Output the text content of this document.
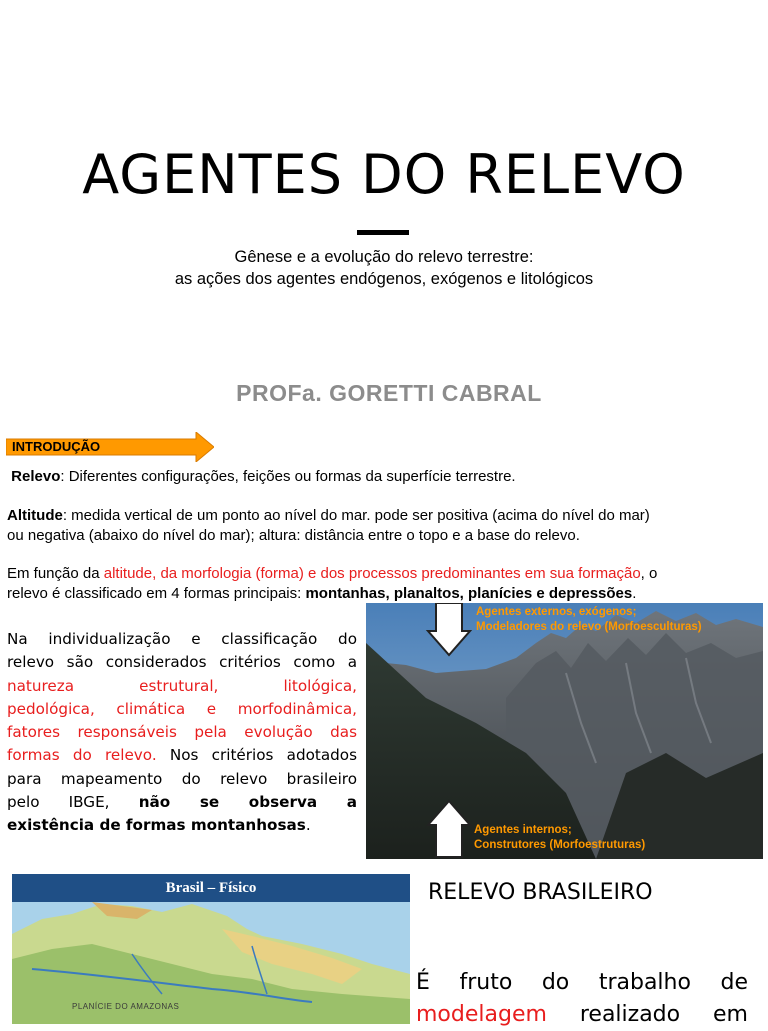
AGENTES DO RELEVO
Gênese e a evolução do relevo terrestre:
as ações dos agentes endógenos, exógenos e litológicos
PROFa. GORETTI CABRAL
INTRODUÇÃO
Relevo: Diferentes configurações, feições ou formas da superfície terrestre.
Altitude: medida vertical de um ponto ao nível do mar. pode ser positiva (acima do nível do mar)
ou negativa (abaixo do nível do mar); altura: distância entre o topo e a base do relevo.
Em função da altitude, da morfologia (forma) e dos processos predominantes em sua formação, o
relevo é classificado em 4 formas principais: montanhas, planaltos, planícies e depressões.
Na individualização e classificação do
relevo são considerados critérios como a
natureza estrutural, litológica,
pedológica, climática e morfodinâmica,
fatores responsáveis pela evolução das
formas do relevo. Nos critérios adotados
para mapeamento do relevo brasileiro
pelo IBGE, não se observa a
existência de formas montanhosas.
Agentes externos, exógenos;
Modeladores do relevo (Morfoesculturas)
Agentes internos;
Construtores (Morfoestruturas)
Brasil – Físico
PLANÍCIE DO AMAZONAS
RELEVO BRASILEIRO
É fruto do trabalho de
modelagem realizado em
